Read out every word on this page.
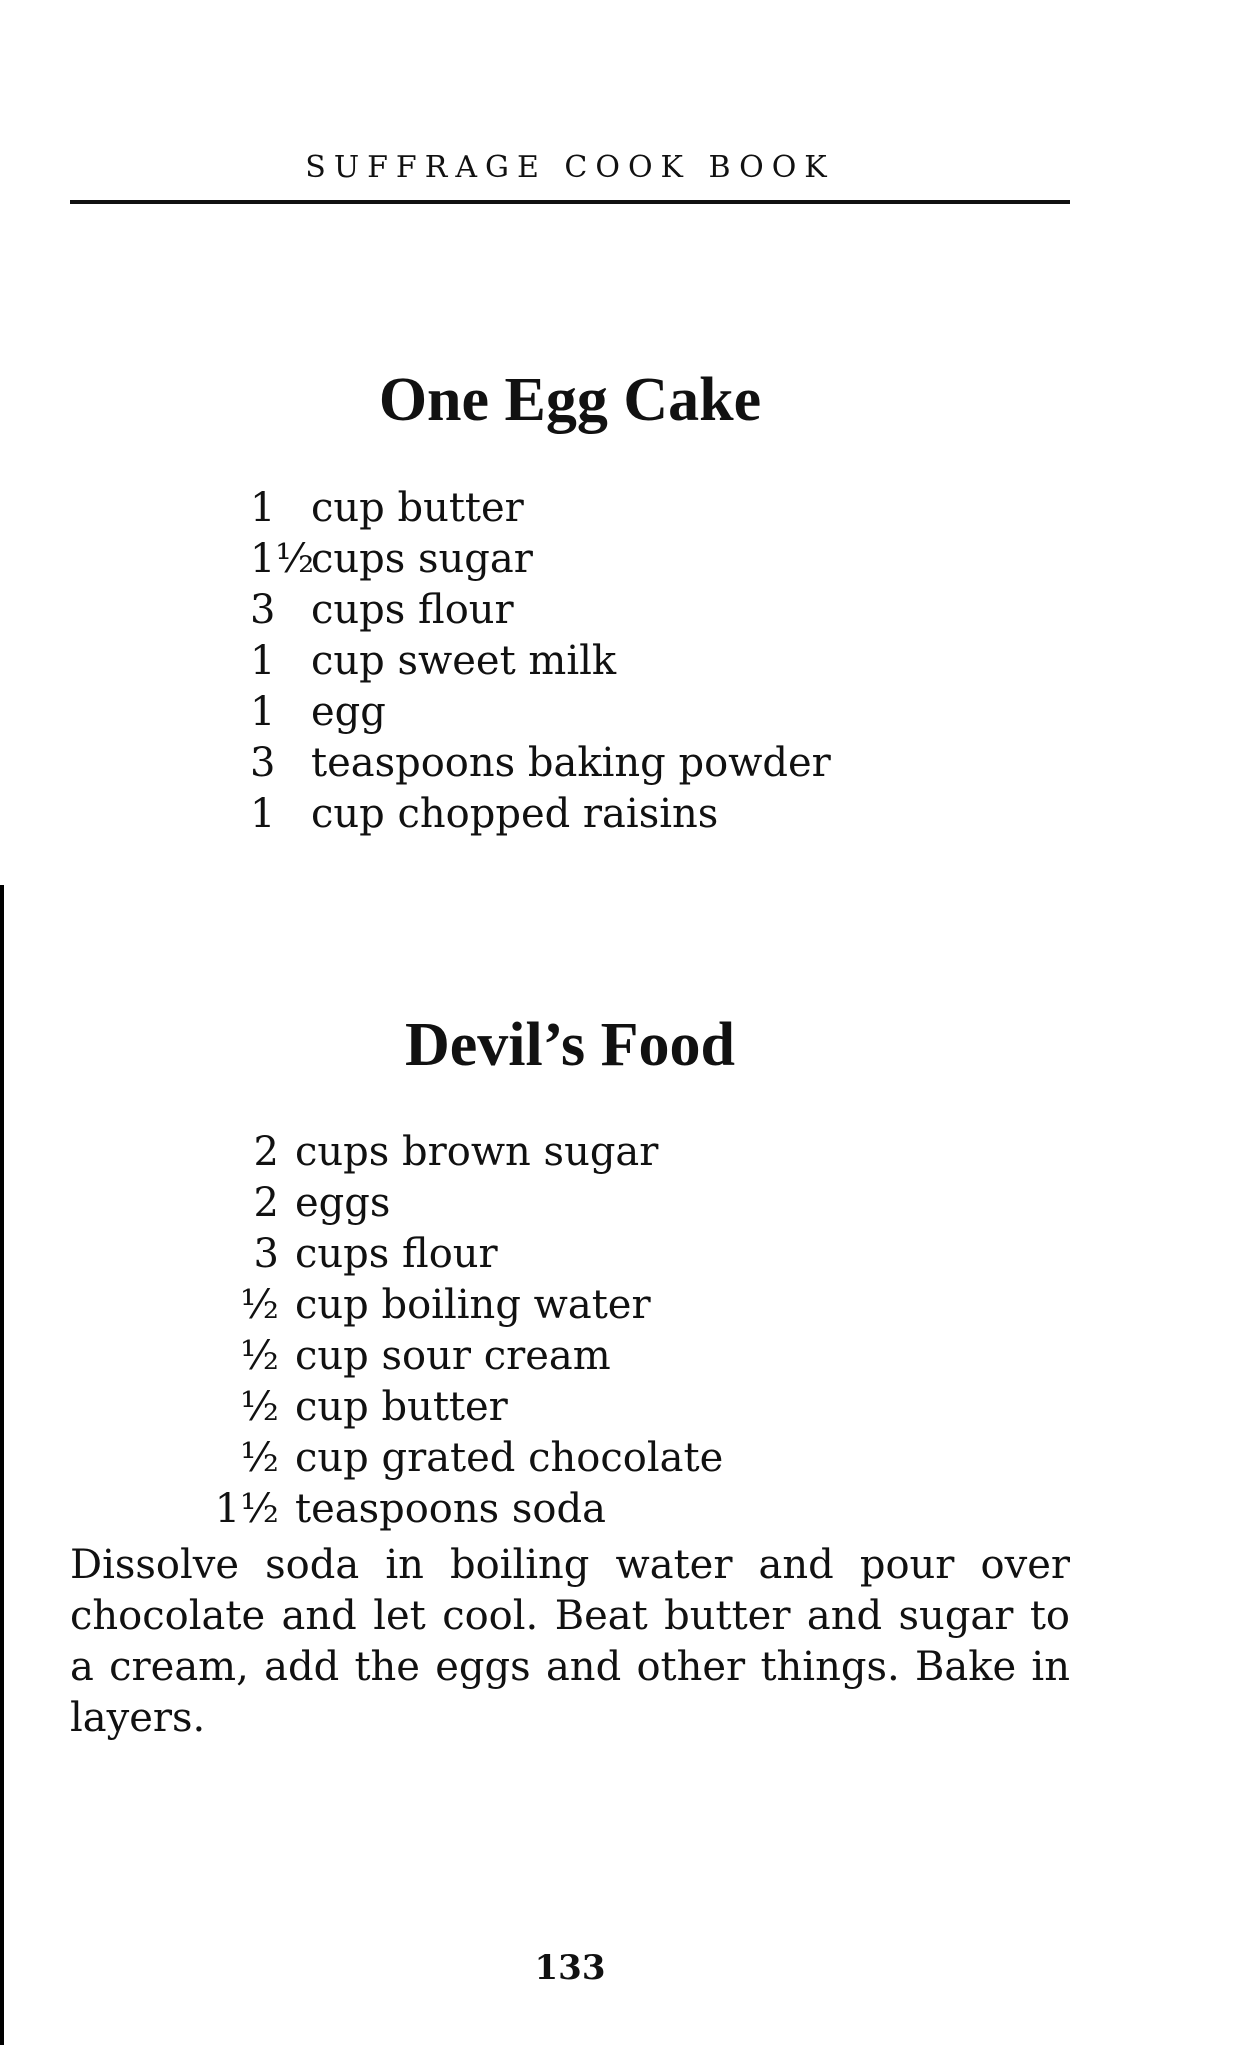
SUFFRAGE COOK BOOK
One Egg Cake
1 cup butter
1½
cups sugar
3 cups flour
1 cup sweet milk
1 egg
3 teaspoons baking powder
1 cup chopped raisins
Devil’s Food
2 cups brown sugar
2 eggs
3 cups flour
½ cup boiling water
½ cup sour cream
½ cup butter
½ cup grated chocolate
1½ teaspoons soda

Dissolve soda in boiling water and pour over chocolate and let cool. Beat butter and sugar to a cream, add the eggs and other things. Bake in layers.

133
